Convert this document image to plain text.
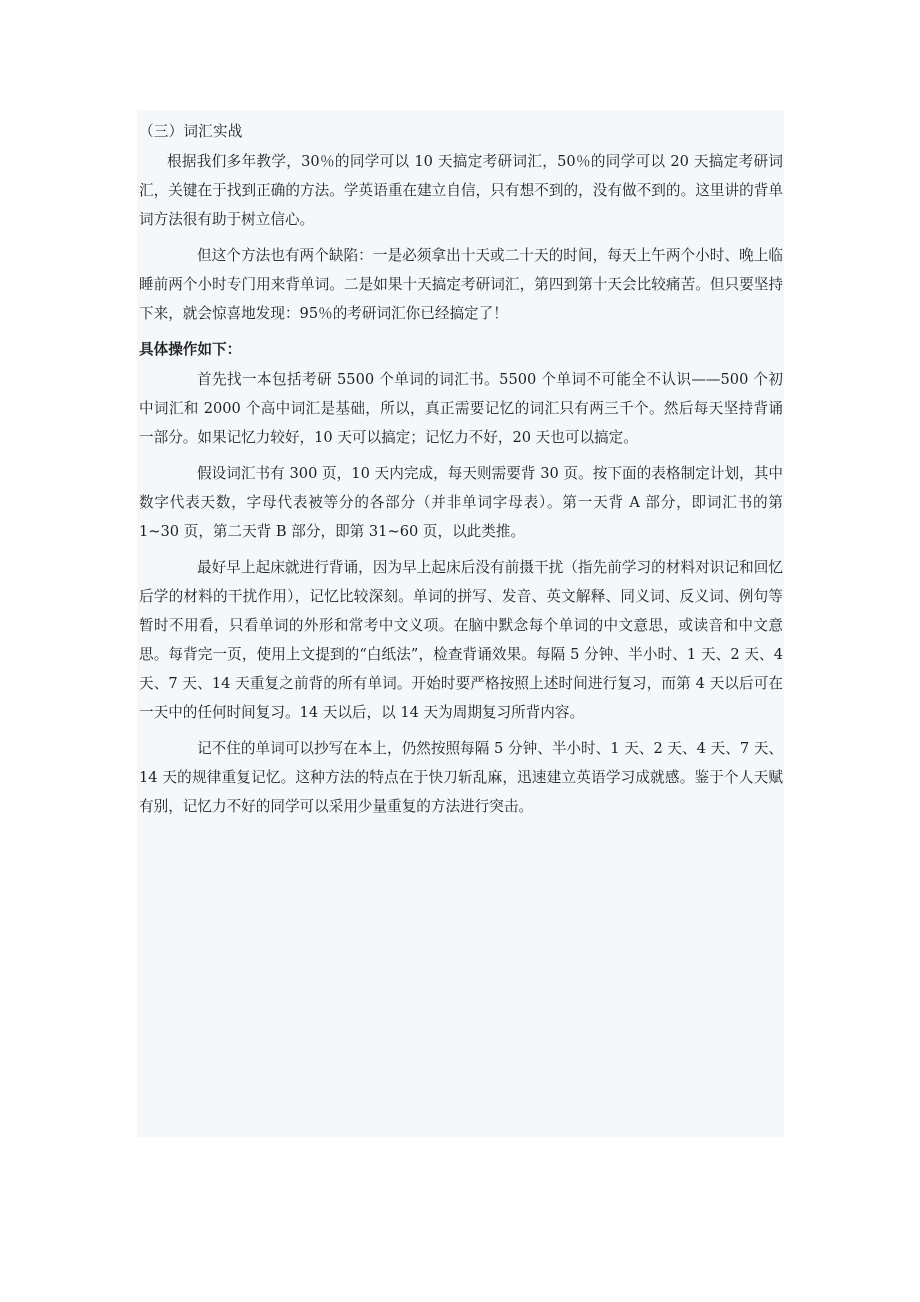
（三）词汇实战

根据我们多年教学，30％的同学可以 10 天搞定考研词汇，50％的同学可以 20 天搞定考研词汇，关键在于找到正确的方法。学英语重在建立自信，只有想不到的，没有做不到的。这里讲的背单词方法很有助于树立信心。

但这个方法也有两个缺陷：一是必须拿出十天或二十天的时间，每天上午两个小时、晚上临睡前两个小时专门用来背单词。二是如果十天搞定考研词汇，第四到第十天会比较痛苦。但只要坚持下来，就会惊喜地发现：95％的考研词汇你已经搞定了！

具体操作如下：

首先找一本包括考研 5500 个单词的词汇书。5500 个单词不可能全不认识——500 个初中词汇和 2000 个高中词汇是基础，所以，真正需要记忆的词汇只有两三千个。然后每天坚持背诵一部分。如果记忆力较好，10 天可以搞定；记忆力不好，20 天也可以搞定。

假设词汇书有 300 页，10 天内完成，每天则需要背 30 页。按下面的表格制定计划，其中数字代表天数，字母代表被等分的各部分（并非单词字母表）。第一天背 A 部分，即词汇书的第 1~30 页，第二天背 B 部分，即第 31~60 页，以此类推。

最好早上起床就进行背诵，因为早上起床后没有前摄干扰（指先前学习的材料对识记和回忆后学的材料的干扰作用），记忆比较深刻。单词的拼写、发音、英文解释、同义词、反义词、例句等暂时不用看，只看单词的外形和常考中文义项。在脑中默念每个单词的中文意思，或读音和中文意思。每背完一页，使用上文提到的“白纸法”，检查背诵效果。每隔 5 分钟、半小时、1 天、2 天、4 天、7 天、14 天重复之前背的所有单词。开始时要严格按照上述时间进行复习，而第 4 天以后可在一天中的任何时间复习。14 天以后，以 14 天为周期复习所背内容。

记不住的单词可以抄写在本上，仍然按照每隔 5 分钟、半小时、1 天、2 天、4 天、7 天、14 天的规律重复记忆。这种方法的特点在于快刀斩乱麻，迅速建立英语学习成就感。鉴于个人天赋有别，记忆力不好的同学可以采用少量重复的方法进行突击。
